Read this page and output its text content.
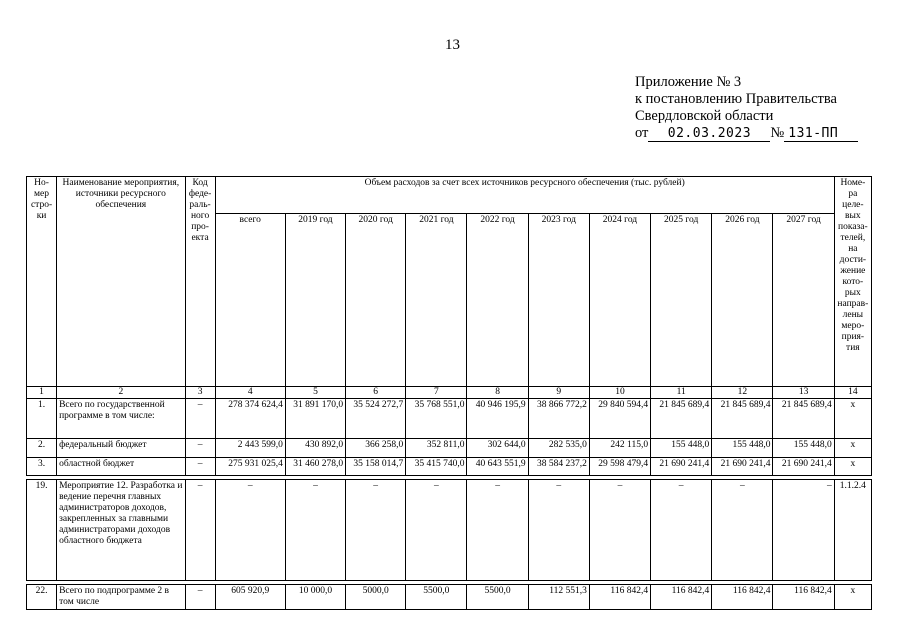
13
Приложение № 3
к постановлению Правительства
Свердловской области
от 02.03.2023 № 131-ПП
Но-мер стро-ки	Наименование мероприятия, источники ресурсного обеспечения	Код феде-раль-ного про-екта	Объем расходов за счет всех источников ресурсного обеспечения (тыс. рублей)										Номе-ра целе-вых показа-телей, на дости-жение кото-рых направ-лены меро-прия-тия
			всего	2019 год	2020 год	2021 год	2022 год	2023 год	2024 год	2025 год	2026 год	2027 год	
1	2	3	4	5	6	7	8	9	10	11	12	13	14
1.	Всего по государственной программе в том числе:	–	278 374 624,4	31 891 170,0	35 524 272,7	35 768 551,0	40 946 195,9	38 866 772,2	29 840 594,4	21 845 689,4	21 845 689,4	21 845 689,4	х
2.	федеральный бюджет	–	2 443 599,0	430 892,0	366 258,0	352 811,0	302 644,0	282 535,0	242 115,0	155 448,0	155 448,0	155 448,0	х
3.	областной бюджет	–	275 931 025,4	31 460 278,0	35 158 014,7	35 415 740,0	40 643 551,9	38 584 237,2	29 598 479,4	21 690 241,4	21 690 241,4	21 690 241,4	х

19.	Мероприятие 12. Разработка и ведение перечня главных администраторов доходов, закрепленных за главными администраторами доходов областного бюджета	–	–	–	–	–	–	–	–	–	–	–	1.1.2.4

22.	Всего по подпрограмме 2 в том числе	–	605 920,9	10 000,0	5000,0	5500,0	5500,0	112 551,3	116 842,4	116 842,4	116 842,4	116 842,4	х
